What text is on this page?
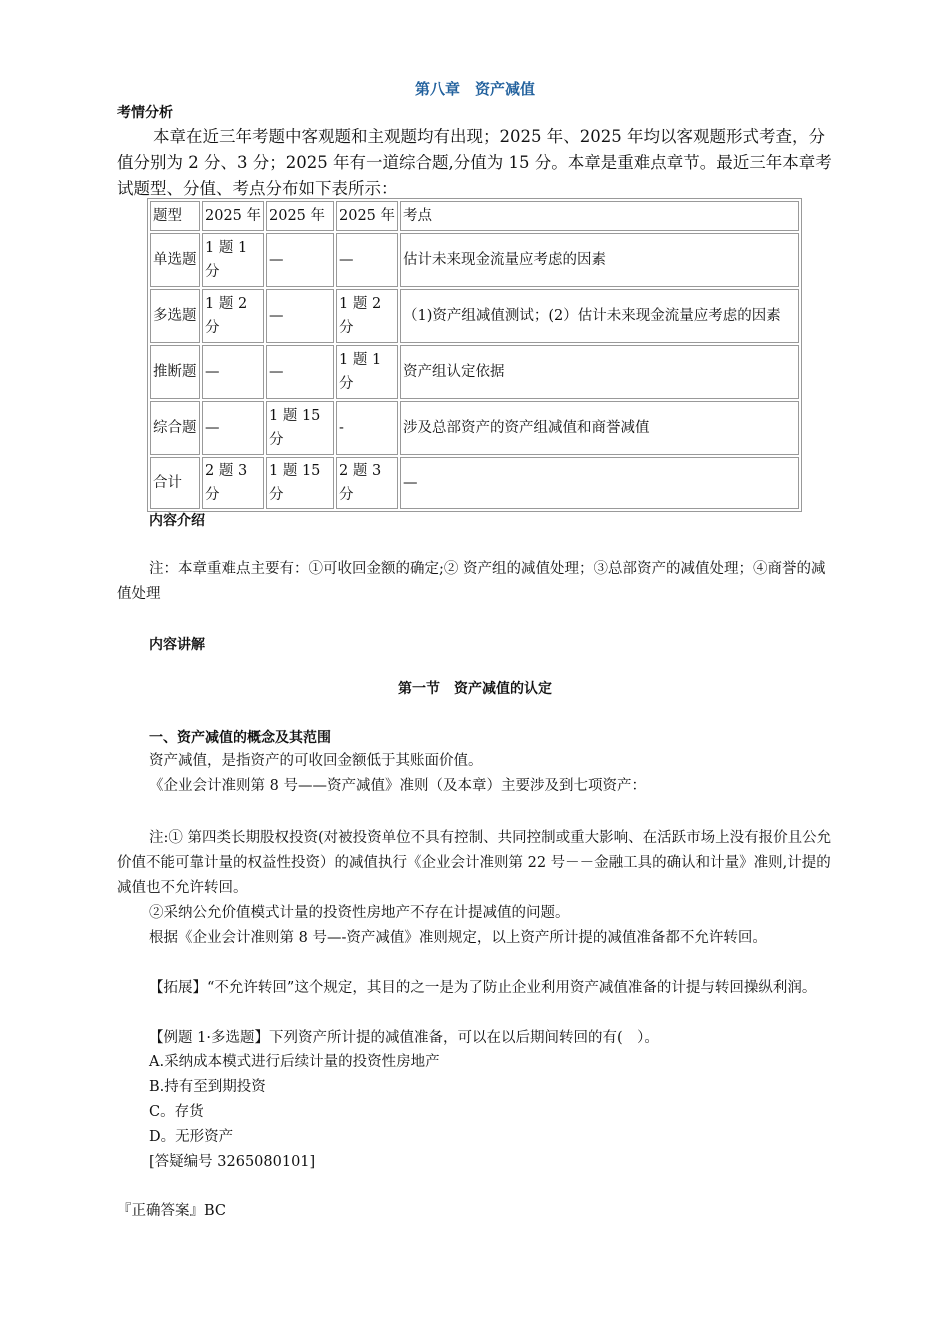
第八章　资产减值
考情分析
本章在近三年考题中客观题和主观题均有出现；2025 年、2025 年均以客观题形式考查，分值分别为 2 分、3 分；2025 年有一道综合题,分值为 15 分。本章是重难点章节。最近三年本章考试题型、分值、考点分布如下表所示：
题型	2025 年	2025 年	2025 年	考点
单选题	1 题 1 分	—	—	估计未来现金流量应考虑的因素
多选题	1 题 2 分	—	1 题 2 分	（1)资产组减值测试；(2）估计未来现金流量应考虑的因素
推断题	—	—	1 题 1 分	资产组认定依据
综合题	—	1 题 15 分	-	涉及总部资产的资产组减值和商誉减值
合计	2 题 3 分	1 题 15 分	2 题 3 分	—
内容介绍
注：本章重难点主要有：①可收回金额的确定;② 资产组的减值处理；③总部资产的减值处理；④商誉的减值处理
内容讲解
第一节　资产减值的认定
一、资产减值的概念及其范围
资产减值，是指资产的可收回金额低于其账面价值。
《企业会计准则第 8 号——资产减值》准则（及本章）主要涉及到七项资产：
注:① 第四类长期股权投资(对被投资单位不具有控制、共同控制或重大影响、在活跃市场上没有报价且公允价值不能可靠计量的权益性投资）的减值执行《企业会计准则第 22 号－－金融工具的确认和计量》准则,计提的减值也不允许转回。
②采纳公允价值模式计量的投资性房地产不存在计提减值的问题。
根据《企业会计准则第 8 号—-资产减值》准则规定，以上资产所计提的减值准备都不允许转回。
【拓展】“不允许转回”这个规定，其目的之一是为了防止企业利用资产减值准备的计提与转回操纵利润。
【例题 1·多选题】下列资产所计提的减值准备，可以在以后期间转回的有(　）。
A.采纳成本模式进行后续计量的投资性房地产
B.持有至到期投资
C。存货
D。无形资产
[答疑编号 3265080101]
『正确答案』BC
